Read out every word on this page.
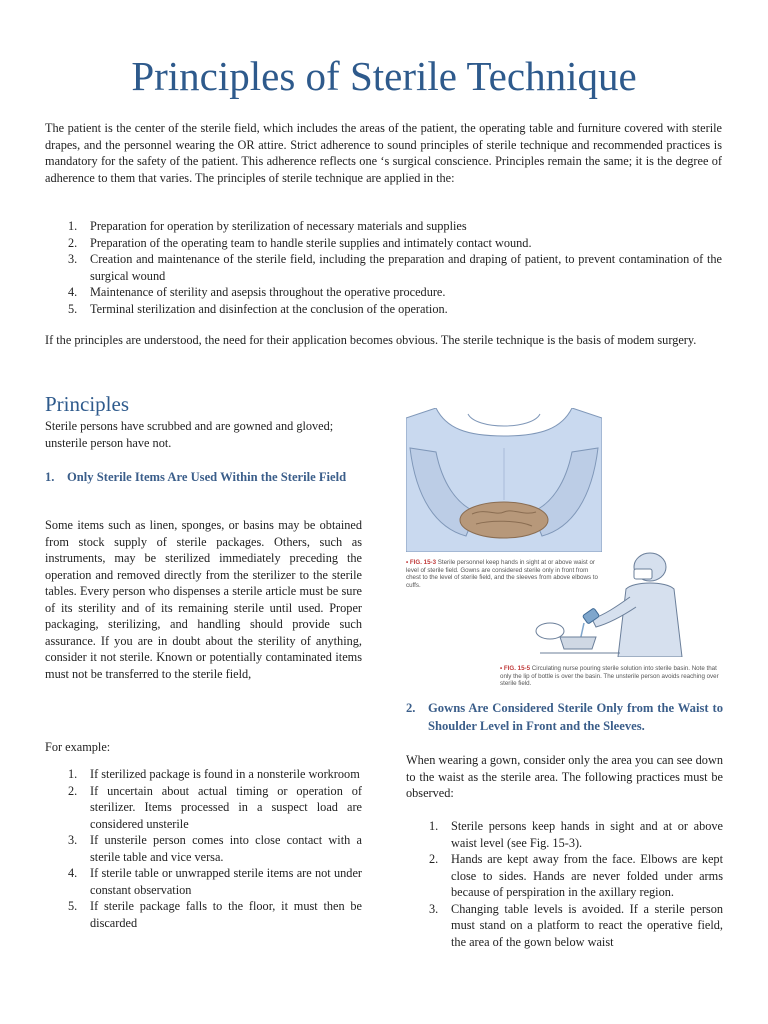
Principles of Sterile Technique

The patient is the center of the sterile field, which includes the areas of the patient, the operating table and furniture covered with sterile drapes, and the personnel wearing the OR attire. Strict adherence to sound principles of sterile technique and recommended practices is mandatory for the safety of the patient. This adherence reflects one ‘s surgical conscience. Principles remain the same; it is the degree of adherence to them that varies. The principles of sterile technique are applied in the:

1. Preparation for operation by sterilization of necessary materials and supplies
2. Preparation of the operating team to handle sterile supplies and intimately contact wound.
3. Creation and maintenance of the sterile field, including the preparation and draping of patient, to prevent contamination of the surgical wound
4. Maintenance of sterility and asepsis throughout the operative procedure.
5. Terminal sterilization and disinfection at the conclusion of the operation.

If the principles are understood, the need for their application becomes obvious. The sterile technique is the basis of modem surgery.

Principles

Sterile persons have scrubbed and are gowned and gloved; unsterile person have not.

1. Only Sterile Items Are Used Within the Sterile Field

Some items such as linen, sponges, or basins may be obtained from stock supply of sterile packages. Others, such as instruments, may be sterilized immediately preceding the operation and removed directly from the sterilizer to the sterile tables. Every person who dispenses a sterile article must be sure of its sterility and of its remaining sterile until used. Proper packaging, sterilizing, and handling should provide such assurance. If you are in doubt about the sterility of anything, consider it not sterile. Known or potentially contaminated items must not be transferred to the sterile field,

For example:

1. If sterilized package is found in a nonsterile workroom
2. If uncertain about actual timing or operation of sterilizer. Items processed in a suspect load are considered unsterile
3. If unsterile person comes into close contact with a sterile table and vice versa.
4. If sterile table or unwrapped sterile items are not under constant observation
5. If sterile package falls to the floor, it must then be discarded
• FIG. 15-3 Sterile personnel keep hands in sight at or above waist or level of sterile field. Gowns are considered sterile only in front from chest to the level of sterile field, and the sleeves from above elbows to cuffs.
• FIG. 15-5 Circulating nurse pouring sterile solution into sterile basin. Note that only the lip of bottle is over the basin. The unsterile person avoids reaching over sterile field.
2. Gowns Are Considered Sterile Only from the Waist to Shoulder Level in Front and the Sleeves.

When wearing a gown, consider only the area you can see down to the waist as the sterile area. The following practices must be observed:

1. Sterile persons keep hands in sight and at or above waist level (see Fig. 15-3).
2. Hands are kept away from the face. Elbows are kept close to sides. Hands are never folded under arms because of perspiration in the axillary region.
3. Changing table levels is avoided. If a sterile person must stand on a platform to react the operative field, the area of the gown below waist
